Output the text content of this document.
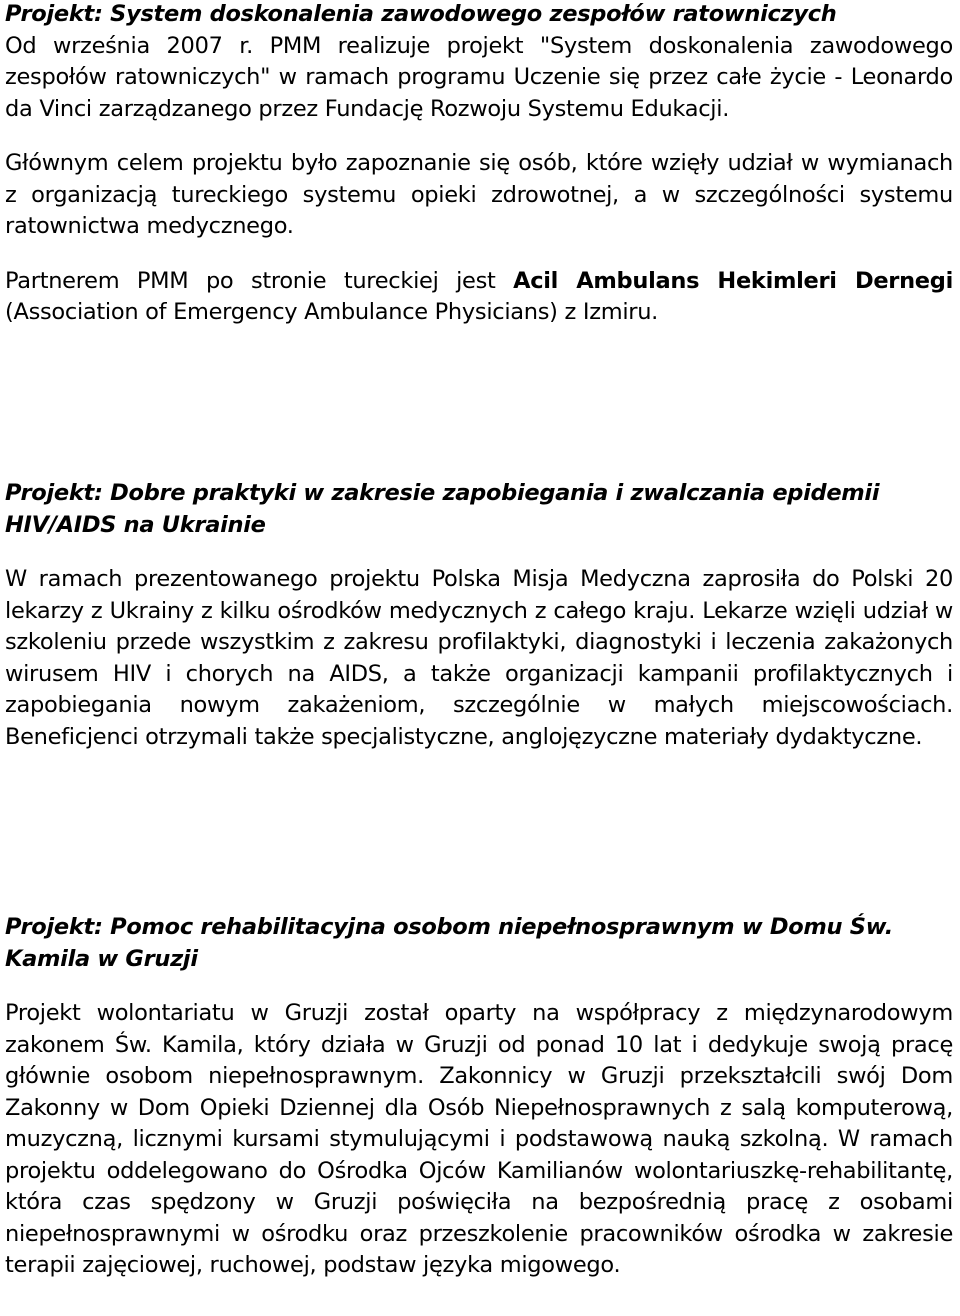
Projekt: System doskonalenia zawodowego zespołów ratowniczych

Od września 2007 r. PMM realizuje projekt "System doskonalenia zawodowego zespołów ratowniczych" w ramach programu Uczenie się przez całe życie - Leonardo da Vinci zarządzanego przez Fundację Rozwoju Systemu Edukacji.

Głównym celem projektu było zapoznanie się osób, które wzięły udział w wymianach z organizacją tureckiego systemu opieki zdrowotnej, a w szczególności systemu ratownictwa medycznego.

Partnerem PMM po stronie tureckiej jest Acil Ambulans Hekimleri Dernegi (Association of Emergency Ambulance Physicians) z Izmiru.

Projekt: Dobre praktyki w zakresie zapobiegania i zwalczania epidemii HIV/AIDS na Ukrainie

W ramach prezentowanego projektu Polska Misja Medyczna zaprosiła do Polski 20 lekarzy z Ukrainy z kilku ośrodków medycznych z całego kraju. Lekarze wzięli udział w szkoleniu przede wszystkim z zakresu profilaktyki, diagnostyki i leczenia zakażonych wirusem HIV i chorych na AIDS, a także organizacji kampanii profilaktycznych i zapobiegania nowym zakażeniom, szczególnie w małych miejscowościach. Beneficjenci otrzymali także specjalistyczne, anglojęzyczne materiały dydaktyczne.

Projekt: Pomoc rehabilitacyjna osobom niepełnosprawnym w Domu Św. Kamila w Gruzji

Projekt wolontariatu w Gruzji został oparty na współpracy z międzynarodowym zakonem Św. Kamila, który działa w Gruzji od ponad 10 lat i dedykuje swoją pracę głównie osobom niepełnosprawnym. Zakonnicy w Gruzji przekształcili swój Dom Zakonny w Dom Opieki Dziennej dla Osób Niepełnosprawnych z salą komputerową, muzyczną, licznymi kursami stymulującymi i podstawową nauką szkolną. W ramach projektu oddelegowano do Ośrodka Ojców Kamilianów wolontariuszkę-rehabilitantę, która czas spędzony w Gruzji poświęciła na bezpośrednią pracę z osobami niepełnosprawnymi w ośrodku oraz przeszkolenie pracowników ośrodka w zakresie terapii zajęciowej, ruchowej, podstaw języka migowego.
